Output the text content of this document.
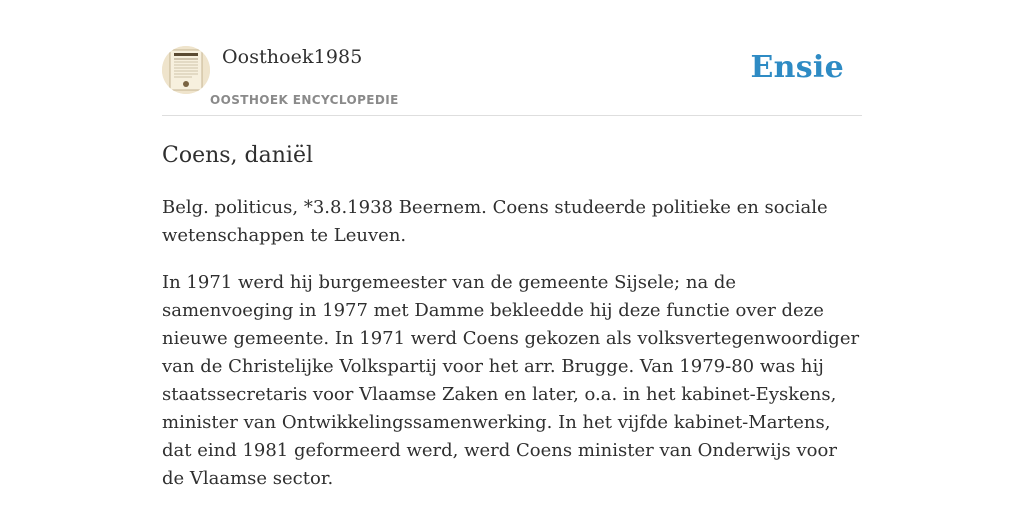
Oosthoek1985
OOSTHOEK ENCYCLOPEDIE
Ensie
Coens, daniël

Belg. politicus, *3.8.1938 Beernem. Coens studeerde politieke en sociale wetenschappen te Leuven.

In 1971 werd hij burgemeester van de gemeente Sijsele; na de samenvoeging in 1977 met Damme bekleedde hij deze functie over deze nieuwe gemeente. In 1971 werd Coens gekozen als volksvertegenwoordiger van de Christelijke Volkspartij voor het arr. Brugge. Van 1979-80 was hij staatssecretaris voor Vlaamse Zaken en later, o.a. in het kabinet-Eyskens, minister van Ontwikkelingssamenwerking. In het vijfde kabinet-Martens, dat eind 1981 geformeerd werd, werd Coens minister van Onderwijs voor de Vlaamse sector.
